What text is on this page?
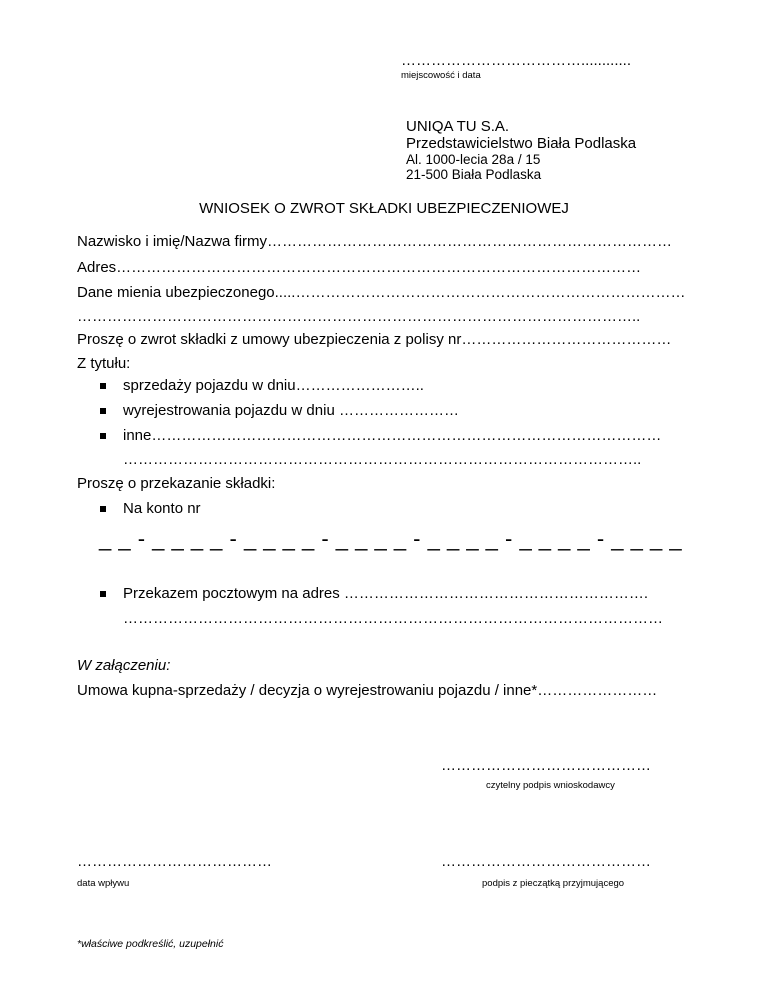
………………………………............
miejscowość i data
UNIQA TU S.A.
Przedstawicielstwo Biała Podlaska
Al. 1000-lecia 28a / 15
21-500 Biała Podlaska
WNIOSEK O ZWROT SKŁADKI UBEZPIECZENIOWEJ
Nazwisko i imię/Nazwa firmy………………………………………………………………………
Adres……………………………………………………………………………………………
Dane mienia ubezpieczonego.....……………………………………………………………………
…………………………………………………………………………………………………..
Proszę o zwrot składki z umowy ubezpieczenia z polisy nr……………………………………
Z tytułu:
sprzedaży pojazdu w dniu……………………..
wyrejestrowania pojazdu w dniu ……………………
inne…………………………………………………………………………………………
…………………………………………………………………………………………..
Proszę o przekazanie składki:
Na konto nr
_ _ - _ _ _ _ - _ _ _ _ - _ _ _ _ - _ _ _ _ - _ _ _ _ - _ _ _ _
Przekazem pocztowym na adres …………………………………………………….
………………………………………………………………………………………………
W załączeniu:
Umowa kupna-sprzedaży / decyzja o wyrejestrowaniu pojazdu / inne*……………………
……………………………………
czytelny podpis wnioskodawcy
…………………………………
data wpływu
……………………………………
podpis z pieczątką przyjmującego
*właściwe podkreślić, uzupełnić
